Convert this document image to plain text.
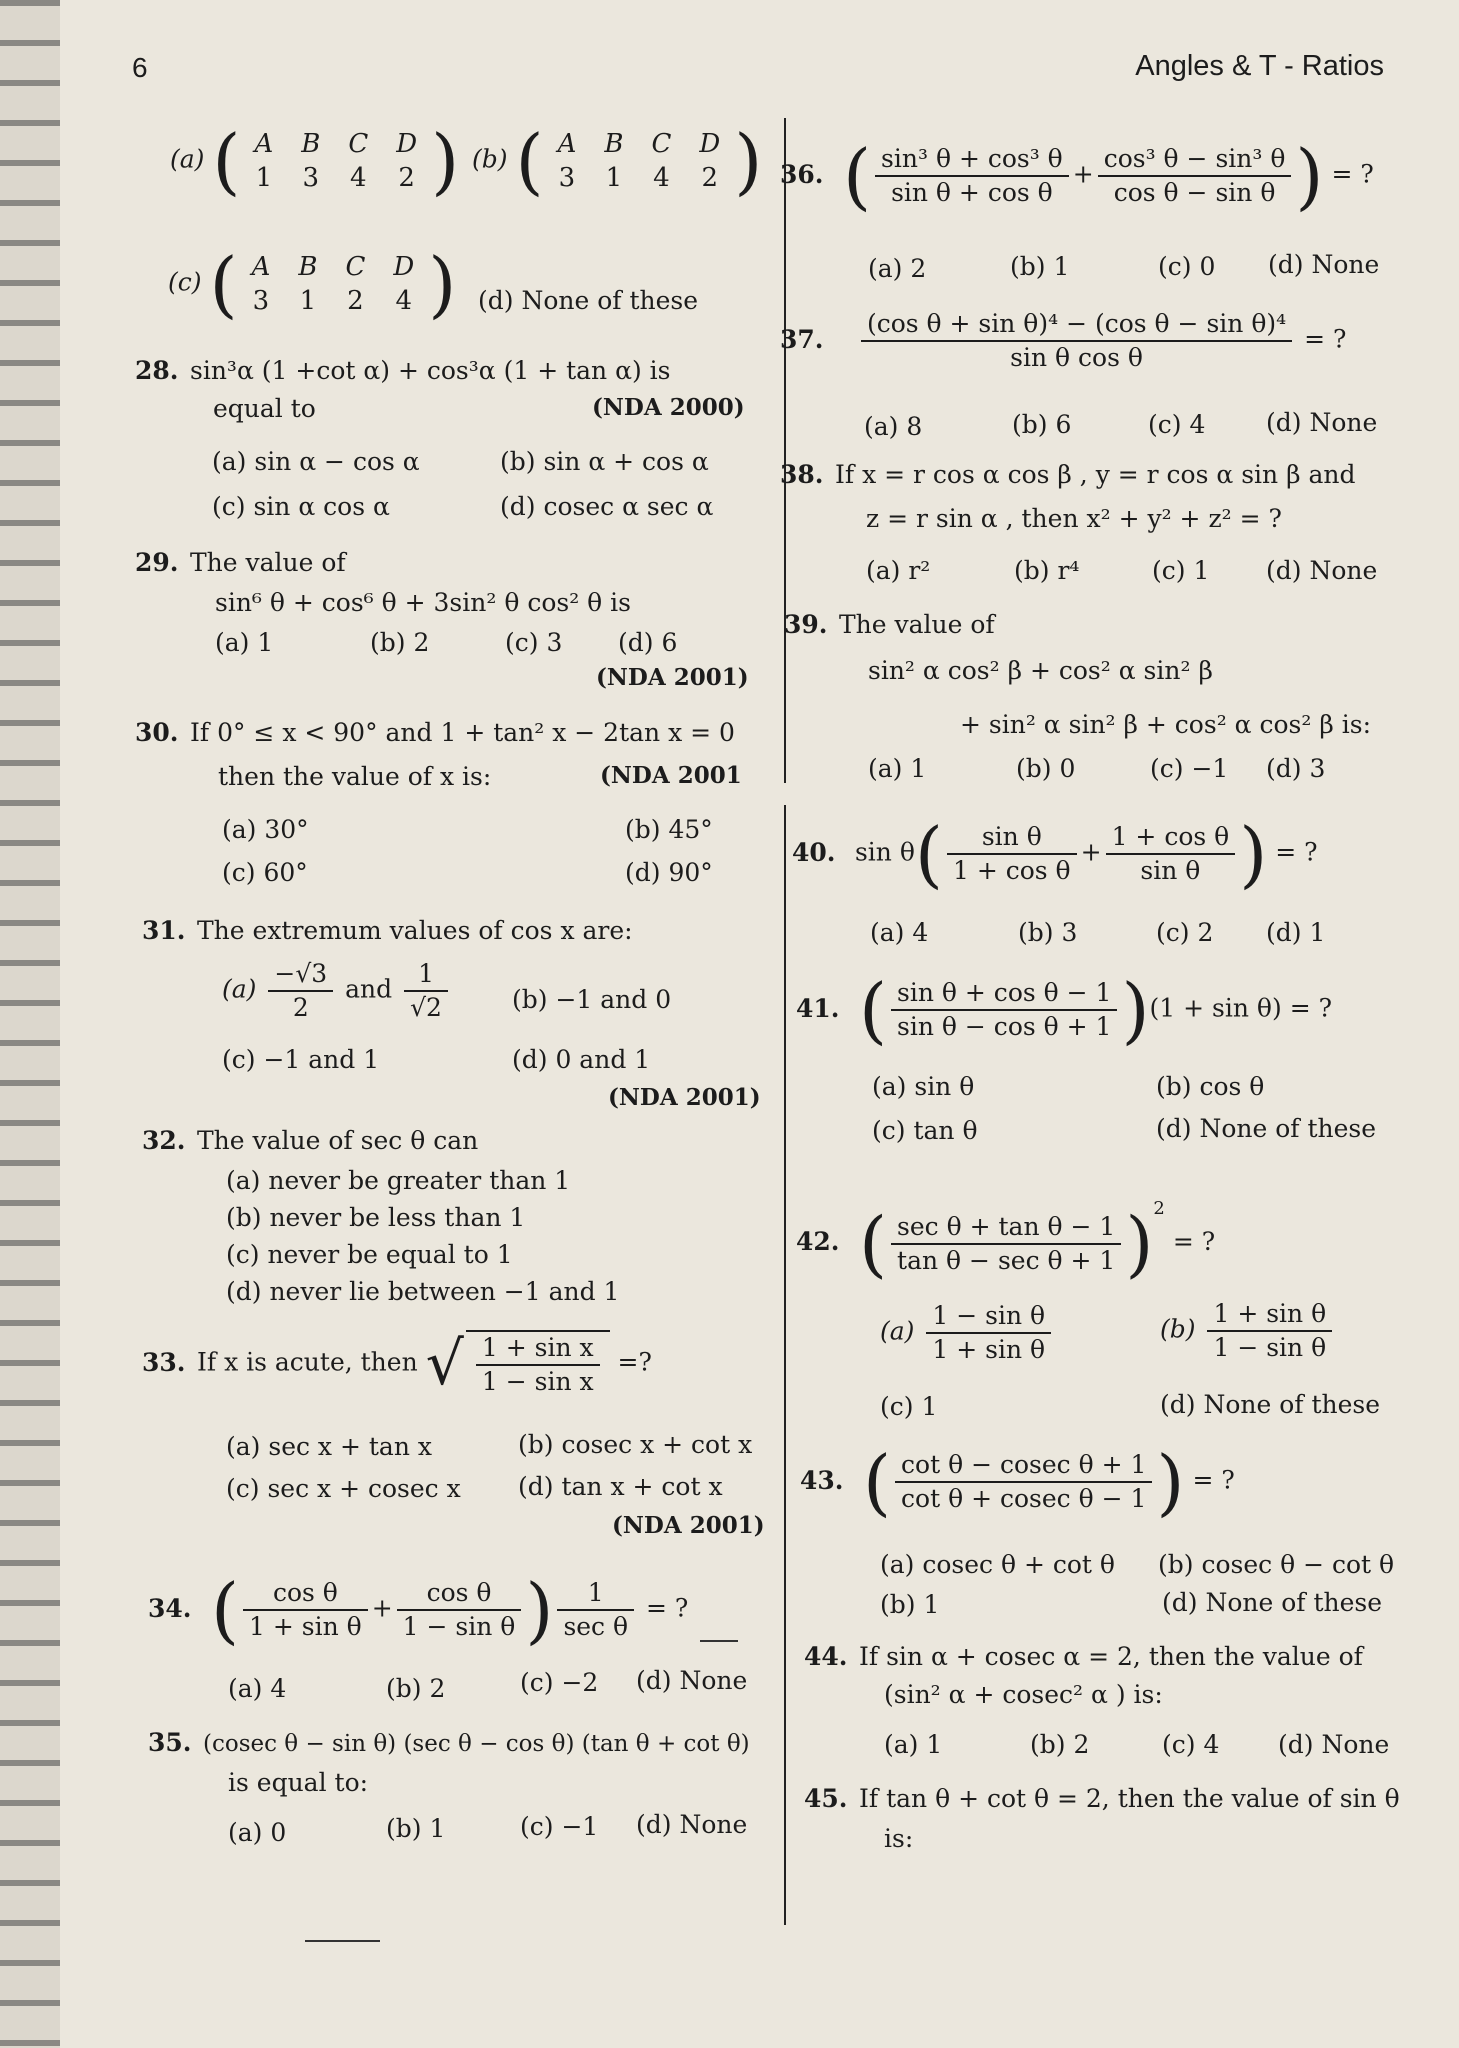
6	Angles & T - Ratios
(a) ( A	B	C	D
1	3	4	2 ) (b) ( A	B	C	D
3	1	4	2 )
(c) ( A	B	C	D
3	1	2	4 ) (d) None of these
28. sin³α (1 +cot α) + cos³α (1 + tan α) is
equal to	(NDA 2000)
(a) sin α − cos α	(b) sin α + cos α
(c) sin α cos α	(d) cosec α sec α
29. The value of
sin⁶ θ + cos⁶ θ + 3sin² θ cos² θ is
(a) 1	(b) 2	(c) 3 (d) 6
(NDA 2001)
30. If 0° ≤ x < 90° and 1 + tan² x − 2tan x = 0
then the value of x is:	(NDA 2001
(a) 30°	(b) 45°
(c) 60°	(d) 90°
31. The extremum values of cos x are:
$(a) \frac{-√3}{2}$ and $\frac{1}{√2}$	(b) −1 and 0
(c) −1 and 1	(d) 0 and 1
(NDA 2001)
32. The value of sec θ can
(a) never be greater than 1
(b) never be less than 1
(c) never be equal to 1
(d) never lie between −1 and 1
33. If x is acute, then √ $\frac{\text{1 + sin x}}{\text{1 − sin x}}$ =?
(a) sec x + tan x	(b) cosec x + cot x
(c) sec x + cosec x (d) tan x + cot x
(NDA 2001)
34. ( $\frac{\text{cos θ}}{\text{1 + sin θ}} + \frac{\text{cos θ}}{\text{1 − sin θ}}$ ) $\frac{1}{\text{sec θ}}$ = ?
(a) 4	(b) 2	(c) −2 (d) None
35. (cosec θ − sin θ) (sec θ − cos θ) (tan θ + cot θ)
is equal to:
(a) 0	(b) 1	(c) −1 (d) None
36. ( $\frac{\text{sin³ θ + cos³ θ}}{\text{sin θ + cos θ}} + \frac{\text{cos³ θ − sin³ θ}}{\text{cos θ − sin θ}}$ ) = ?
(a) 2	(b) 1	(c) 0 (d) None
37. $\frac{\text{(cos θ + sin θ)⁴ − (cos θ − sin θ)⁴}}{\text{sin θ cos θ}}$ = ?
(a) 8	(b) 6	(c) 4 (d) None
38. If x = r cos α cos β , y = r cos α sin β and
z = r sin α , then x² + y² + z² = ?
(a) r²	(b) r⁴	(c) 1 (d) None
39. The value of
sin² α cos² β + cos² α sin² β
+ sin² α sin² β + cos² α cos² β is:
(a) 1	(b) 0	(c) −1 (d) 3
40. $\sin \theta( \frac{\text{sin θ}}{\text{1 + cos θ}} + \frac{\text{1 + cos θ}}{\text{sin θ}}$ ) = ?
(a) 4	(b) 3	(c) 2 (d) 1
41. ( $\frac{\text{sin θ + cos θ − 1}}{\text{sin θ − cos θ + 1}} )(1 + \sin \theta)$ = ?
(a) sin θ	(b) cos θ
(c) tan θ	(d) None of these
42. ( $\frac{\text{sec θ + tan θ − 1}}{\text{tan θ − sec θ + 1}} )^2$ = ?
$(a) \frac{\text{1 − sin θ}}{\text{1 + sin θ}}$	$(b) \frac{\text{1 + sin θ}}{\text{1 − sin θ}}$
(c) 1	(d) None of these
43. ( $\frac{\text{cot θ − cosec θ + 1}}{\text{cot θ + cosec θ − 1}}$ ) = ?
(a) cosec θ + cot θ (b) cosec θ − cot θ
(b) 1	(d) None of these
44. If sin α + cosec α = 2, then the value of
(sin² α + cosec² α ) is:
(a) 1	(b) 2	(c) 4 (d) None
45. If tan θ + cot θ = 2, then the value of sin θ
is:
